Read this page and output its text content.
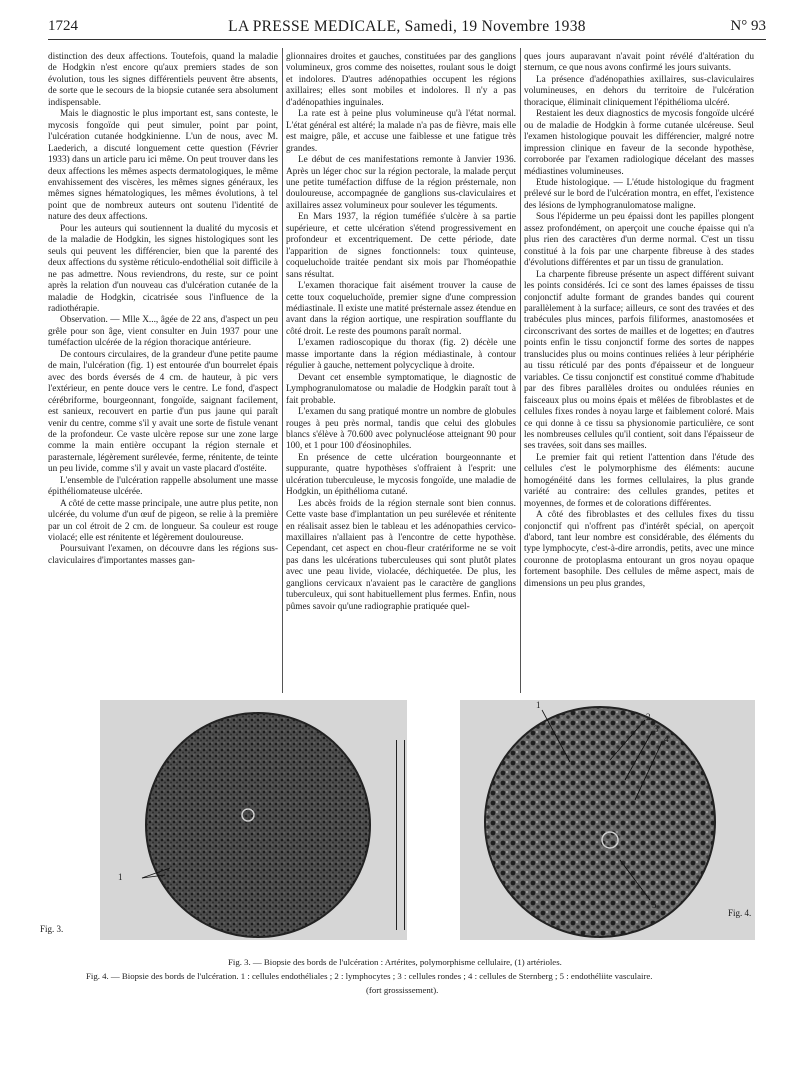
1724	LA PRESSE MEDICALE, Samedi, 19 Novembre 1938	N° 93

distinction des deux affections. Toutefois, quand la maladie de Hodgkin n'est encore qu'aux premiers stades de son évolution, tous les signes différentiels peuvent être absents, de sorte que le secours de la biopsie cutanée sera absolument indispensable.

Mais le diagnostic le plus important est, sans conteste, le mycosis fongoïde qui peut simuler, point par point, l'ulcération cutanée hodgkinienne. L'un de nous, avec M. Laederich, a discuté longuement cette question (Février 1933) dans un article paru ici même. On peut trouver dans les deux affections les mêmes aspects dermatologiques, le même envahissement des viscères, les mêmes signes généraux, les mêmes signes hématologiques, les mêmes évolutions, à tel point que de nombreux auteurs ont soutenu l'identité de nature des deux affections.

Pour les auteurs qui soutiennent la dualité du mycosis et de la maladie de Hodgkin, les signes histologiques sont les seuls qui peuvent les différencier, bien que la parenté des deux affections du système réticulo-endothélial soit difficile à ne pas admettre. Nous reviendrons, du reste, sur ce point après la relation d'un nouveau cas d'ulcération cutanée de la maladie de Hodgkin, cicatrisée sous l'influence de la radiothérapie.

Observation. — Mlle X..., âgée de 22 ans, d'aspect un peu grêle pour son âge, vient consulter en Juin 1937 pour une tuméfaction ulcérée de la région thoracique antérieure.

De contours circulaires, de la grandeur d'une petite paume de main, l'ulcération (fig. 1) est entourée d'un bourrelet épais avec des bords éversés de 4 cm. de hauteur, à pic vers l'extérieur, en pente douce vers le centre. Le fond, d'aspect cérébriforme, bourgeonnant, fongoïde, saignant facilement, est sanieux, recouvert en partie d'un pus jaune qui paraît venir du centre, comme s'il y avait une sorte de fistule venant de la profondeur. Ce vaste ulcère repose sur une zone large comme la main entière occupant la région sternale et parasternale, légèrement surélevée, ferme, rénitente, de teinte un peu livide, comme s'il y avait un vaste placard d'ostéite.

L'ensemble de l'ulcération rappelle absolument une masse épithéliomateuse ulcérée.

A côté de cette masse principale, une autre plus petite, non ulcérée, du volume d'un œuf de pigeon, se relie à la première par un col étroit de 2 cm. de longueur. Sa couleur est rouge violacé; elle est rénitente et légèrement douloureuse.

Poursuivant l'examen, on découvre dans les régions sus-claviculaires d'importantes masses gan-

glionnaires droites et gauches, constituées par des ganglions volumineux, gros comme des noisettes, roulant sous le doigt et indolores. D'autres adénopathies occupent les régions axillaires; elles sont mobiles et indolores. Il n'y a pas d'adénopathies inguinales.

La rate est à peine plus volumineuse qu'à l'état normal. L'état général est altéré; la malade n'a pas de fièvre, mais elle est maigre, pâle, et accuse une faiblesse et une fatigue très grandes.

Le début de ces manifestations remonte à Janvier 1936. Après un léger choc sur la région pectorale, la malade perçut une petite tuméfaction diffuse de la région présternale, non douloureuse, accompagnée de ganglions sus-claviculaires et axillaires assez volumineux pour soulever les téguments.

En Mars 1937, la région tuméfiée s'ulcère à sa partie supérieure, et cette ulcération s'étend progressivement en profondeur et excentriquement. De cette période, date l'apparition de signes fonctionnels: toux quinteuse, coqueluchoïde traitée pendant six mois par l'homéopathie sans résultat.

L'examen thoracique fait aisément trouver la cause de cette toux coqueluchoïde, premier signe d'une compression médiastinale. Il existe une matité présternale assez étendue en avant dans la région aortique, une respiration soufflante du côté droit. Le reste des poumons paraît normal.

L'examen radioscopique du thorax (fig. 2) décèle une masse importante dans la région médiastinale, à contour régulier à gauche, nettement polycyclique à droite.

Devant cet ensemble symptomatique, le diagnostic de Lymphogranulomatose ou maladie de Hodgkin paraît tout à fait probable.

L'examen du sang pratiqué montre un nombre de globules rouges à peu près normal, tandis que celui des globules blancs s'élève à 70.600 avec polynucléose atteignant 90 pour 100, et 1 pour 100 d'éosinophiles.

En présence de cette ulcération bourgeonnante et suppurante, quatre hypothèses s'offraient à l'esprit: une ulcération tuberculeuse, le mycosis fongoïde, une maladie de Hodgkin, un épithélioma cutané.

Les abcès froids de la région sternale sont bien connus. Cette vaste base d'implantation un peu surélevée et rénitente en réalisait assez bien le tableau et les adénopathies cervico-maxillaires n'allaient pas à l'encontre de cette hypothèse. Cependant, cet aspect en chou-fleur cratériforme ne se voit pas dans les ulcérations tuberculeuses qui sont plutôt plates avec une peau livide, violacée, déchiquetée. De plus, les ganglions cervicaux n'avaient pas le caractère de ganglions tuberculeux, qui sont habituellement plus fermes. Enfin, nous pûmes savoir qu'une radiographie pratiquée quel-

ques jours auparavant n'avait point révélé d'altération du sternum, ce que nous avons confirmé les jours suivants.

La présence d'adénopathies axillaires, sus-claviculaires volumineuses, en dehors du territoire de l'ulcération thoracique, éliminait cliniquement l'épithélioma ulcéré.

Restaient les deux diagnostics de mycosis fongoïde ulcéré ou de maladie de Hodgkin à forme cutanée ulcéreuse. Seul l'examen histologique pouvait les différencier, malgré notre impression clinique en faveur de la seconde hypothèse, corroborée par l'examen radiologique décelant des masses médiastines volumineuses.

Etude histologique. — L'étude histologique du fragment prélevé sur le bord de l'ulcération montra, en effet, l'existence des lésions de lymphogranulomatose maligne.

Sous l'épiderme un peu épaissi dont les papilles plongent assez profondément, on aperçoit une couche épaisse qui n'a plus rien des caractères d'un derme normal. C'est un tissu constitué à la fois par une charpente fibreuse à des stades d'évolutions différentes et par un tissu de granulation.

La charpente fibreuse présente un aspect différent suivant les points considérés. Ici ce sont des lames épaisses de tissu conjonctif adulte formant de grandes bandes qui courent parallèlement à la surface; ailleurs, ce sont des travées et des trabécules plus minces, parfois filiformes, anastomosées et circonscrivant des sortes de mailles et de logettes; en d'autres points enfin le tissu conjonctif forme des sortes de nappes translucides plus ou moins continues reliées à leur périphérie au tissu réticulé par des ponts d'épaisseur et de longueur variables. Ce tissu conjonctif est constitué comme d'habitude par des fibres parallèles droites ou ondulées réunies en faisceaux plus ou moins épais et mêlées de fibroblastes et de cellules fixes rondes à noyau large et faiblement coloré. Mais ce qui donne à ce tissu sa physionomie particulière, ce sont les nombreuses cellules qu'il contient, soit dans l'épaisseur de ses travées, soit dans ses mailles.

Le premier fait qui retient l'attention dans l'étude des cellules c'est le polymorphisme des éléments: aucune homogénéité dans les formes cellulaires, la plus grande variété au contraire: des cellules grandes, petites et moyennes, de formes et de colorations différentes.

A côté des fibroblastes et des cellules fixes du tissu conjonctif qui n'offrent pas d'intérêt spécial, on aperçoit d'abord, tant leur nombre est considérable, des éléments du type lymphocyte, c'est-à-dire arrondis, petits, avec une mince couronne de protoplasma entourant un gros noyau opaque fortement basophile. Des cellules de même aspect, mais de dimensions un peu plus grandes,

1
Fig. 3.
1
2
3
4
5
Fig. 4.
Fig. 3. — Biopsie des bords de l'ulcération : Artérites, polymorphisme cellulaire, (1) artérioles.
Fig. 4. — Biopsie des bords de l'ulcération. 1 : cellules endothéliales ; 2 : lymphocytes ; 3 : cellules rondes ; 4 : cellules de Sternberg ; 5 : endothéliite vasculaire.
(fort grossissement).
